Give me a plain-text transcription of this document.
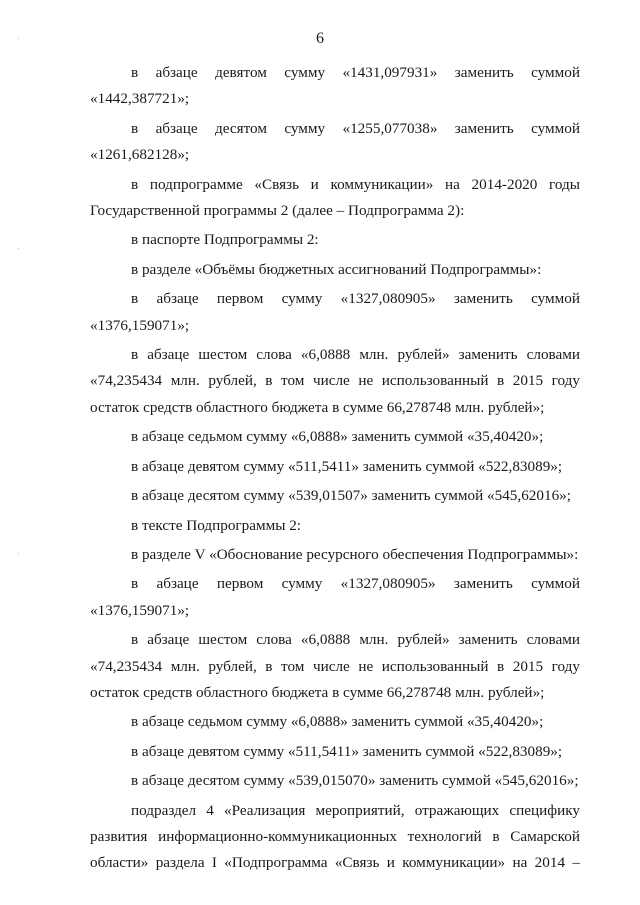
6

в абзаце девятом сумму «1431,097931» заменить суммой «1442,387721»;

в абзаце десятом сумму «1255,077038» заменить суммой «1261,682128»;

в подпрограмме «Связь и коммуникации» на 2014-2020 годы Государственной программы 2 (далее – Подпрограмма 2):

в паспорте Подпрограммы 2:

в разделе «Объёмы бюджетных ассигнований Подпрограммы»:

в абзаце первом сумму «1327,080905» заменить суммой «1376,159071»;

в абзаце шестом слова «6,0888 млн. рублей» заменить словами «74,235434 млн. рублей, в том числе не использованный в 2015 году остаток средств областного бюджета в сумме 66,278748 млн. рублей»;

в абзаце седьмом сумму «6,0888» заменить суммой «35,40420»;

в абзаце девятом сумму «511,5411» заменить суммой «522,83089»;

в абзаце десятом сумму «539,01507» заменить суммой «545,62016»;

в тексте Подпрограммы 2:

в разделе V «Обоснование ресурсного обеспечения Подпрограммы»:

в абзаце первом сумму «1327,080905» заменить суммой «1376,159071»;

в абзаце шестом слова «6,0888 млн. рублей» заменить словами «74,235434 млн. рублей, в том числе не использованный в 2015 году остаток средств областного бюджета в сумме 66,278748 млн. рублей»;

в абзаце седьмом сумму «6,0888» заменить суммой «35,40420»;

в абзаце девятом сумму «511,5411» заменить суммой «522,83089»;

в абзаце десятом сумму «539,015070» заменить суммой «545,62016»;

подраздел 4 «Реализация мероприятий, отражающих специфику развития информационно-коммуникационных технологий в Самарской области» раздела I «Подпрограмма «Связь и коммуникации» на 2014 –
